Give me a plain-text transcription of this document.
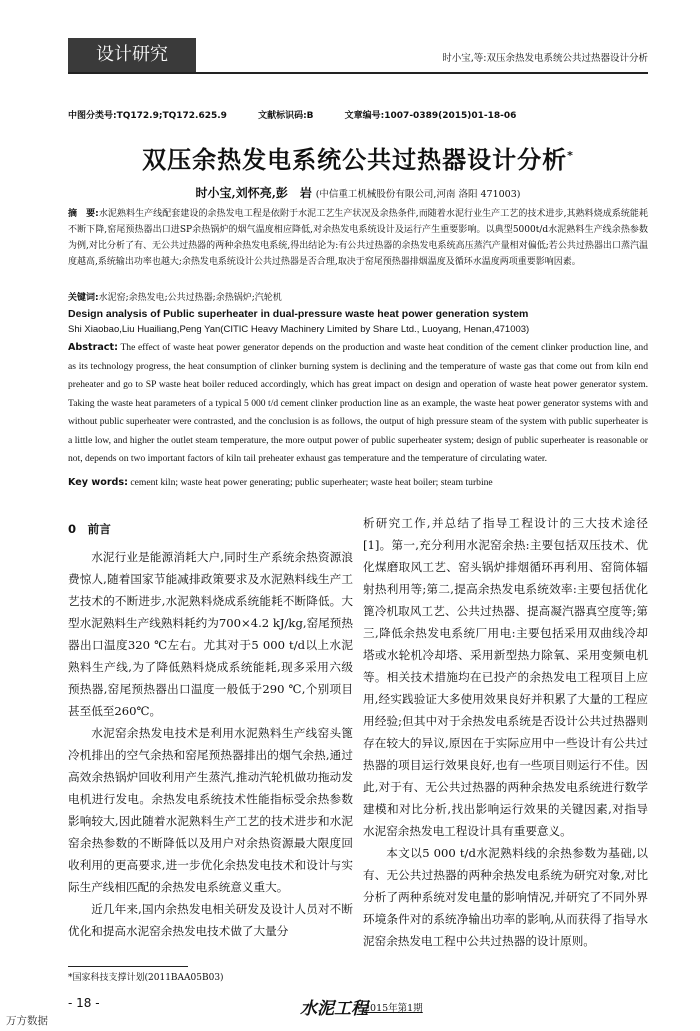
设计研究	时小宝,等:双压余热发电系统公共过热器设计分析
中图分类号:TQ172.9;TQ172.625.9	文献标识码:B	文章编号:1007-0389(2015)01-18-06
双压余热发电系统公共过热器设计分析*
时小宝,刘怀亮,彭　岩 (中信重工机械股份有限公司,河南 洛阳 471003)
摘　要:水泥熟料生产线配套建设的余热发电工程是依附于水泥工艺生产状况及余热条件,而随着水泥行业生产工艺的技术进步,其熟料烧成系统能耗不断下降,窑尾预热器出口进SP余热锅炉的烟气温度相应降低,对余热发电系统设计及运行产生重要影响。以典型5000t/d水泥熟料生产线余热参数为例,对比分析了有、无公共过热器的两种余热发电系统,得出结论为:有公共过热器的余热发电系统高压蒸汽产量相对偏低;若公共过热器出口蒸汽温度越高,系统输出功率也越大;余热发电系统设计公共过热器是否合理,取决于窑尾预热器排烟温度及循环水温度两项重要影响因素。
关键词:水泥窑;余热发电;公共过热器;余热锅炉;汽轮机
Design analysis of Public superheater in dual-pressure waste heat power generation system
Shi Xiaobao,Liu Huailiang,Peng Yan(CITIC Heavy Machinery Limited by Share Ltd., Luoyang, Henan,471003)
Abstract: The effect of waste heat power generator depends on the production and waste heat condition of the cement clinker production line, and as its technology progress, the heat consumption of clinker burning system is declining and the temperature of waste gas that come out from kiln end preheater and go to SP waste heat boiler reduced accordingly, which has great impact on design and operation of waste heat power generator system. Taking the waste heat parameters of a typical 5 000 t/d cement clinker production line as an example, the waste heat power generator systems with and without public superheater were contrasted, and the conclusion is as follows, the output of high pressure steam of the system with public superheater is a little low, and higher the outlet steam temperature, the more output power of public superheater system; design of public superheater is reasonable or not, depends on two important factors of kiln tail preheater exhaust gas temperature and the temperature of circulating water.
Key words: cement kiln; waste heat power generating; public superheater; waste heat boiler; steam turbine
0　前言

水泥行业是能源消耗大户,同时生产系统余热资源浪费惊人,随着国家节能减排政策要求及水泥熟料线生产工艺技术的不断进步,水泥熟料烧成系统能耗不断降低。大型水泥熟料生产线熟料耗约为700×4.2 kJ/kg,窑尾预热器出口温度320 ℃左右。尤其对于5 000 t/d以上水泥熟料生产线,为了降低熟料烧成系统能耗,现多采用六级预热器,窑尾预热器出口温度一般低于290 ℃,个别项目甚至低至260℃。

水泥窑余热发电技术是利用水泥熟料生产线窑头篦冷机排出的空气余热和窑尾预热器排出的烟气余热,通过高效余热锅炉回收利用产生蒸汽,推动汽轮机做功拖动发电机进行发电。余热发电系统技术性能指标受余热参数影响较大,因此随着水泥熟料生产工艺的技术进步和水泥窑余热参数的不断降低以及用户对余热资源最大限度回收利用的更高要求,进一步优化余热发电技术和设计与实际生产线相匹配的余热发电系统意义重大。

近几年来,国内余热发电相关研发及设计人员对不断优化和提高水泥窑余热发电技术做了大量分

析研究工作,并总结了指导工程设计的三大技术途径[1]。第一,充分利用水泥窑余热:主要包括双压技术、优化煤磨取风工艺、窑头锅炉排烟循环再利用、窑筒体辐射热利用等;第二,提高余热发电系统效率:主要包括优化篦冷机取风工艺、公共过热器、提高凝汽器真空度等;第三,降低余热发电系统厂用电:主要包括采用双曲线冷却塔或水轮机冷却塔、采用新型热力除氧、采用变频电机等。相关技术措施均在已投产的余热发电工程项目上应用,经实践验证大多使用效果良好并积累了大量的工程应用经验;但其中对于余热发电系统是否设计公共过热器则存在较大的异议,原因在于实际应用中一些设计有公共过热器的项目运行效果良好,也有一些项目则运行不佳。因此,对于有、无公共过热器的两种余热发电系统进行数学建模和对比分析,找出影响运行效果的关键因素,对指导水泥窑余热发电工程设计具有重要意义。

本文以5 000 t/d水泥熟料线的余热参数为基础,以有、无公共过热器的两种余热发电系统为研究对象,对比分析了两种系统对发电量的影响情况,并研究了不同外界环境条件对的系统净输出功率的影响,从而获得了指导水泥窑余热发电工程中公共过热器的设计原则。

*国家科技支撑计划(2011BAA05B03)
- 18 -	水泥工程
2015年第1期
万方数据
